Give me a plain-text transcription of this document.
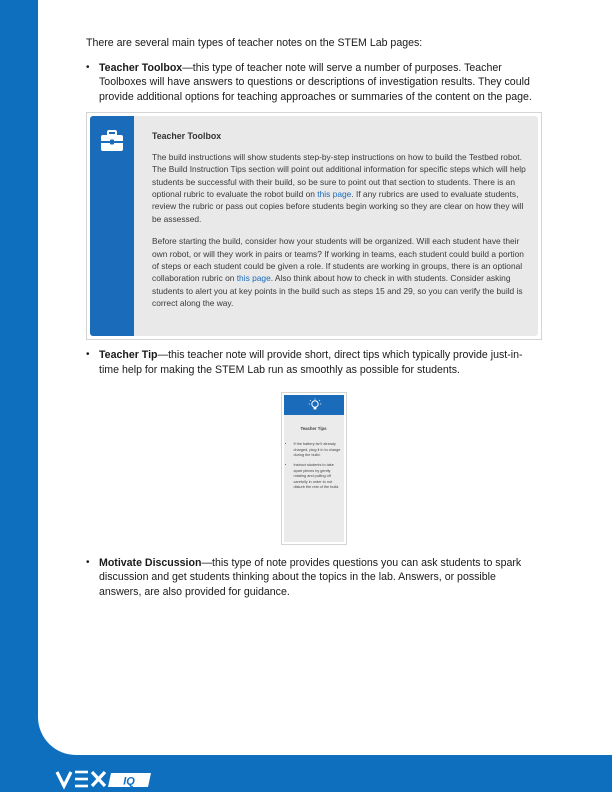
There are several main types of teacher notes on the STEM Lab pages:

• Teacher Toolbox—this type of teacher note will serve a number of purposes. Teacher Toolboxes will have answers to questions or descriptions of investigation results. They could provide additional options for teaching approaches or summaries of the content on the page.
Teacher Toolbox

The build instructions will show students step-by-step instructions on how to build the Testbed robot. The Build Instruction Tips section will point out additional information for specific steps which will help students be successful with their build, so be sure to point out that section to students. There is an optional rubric to evaluate the robot build on this page. If any rubrics are used to evaluate students, review the rubric or pass out copies before students begin working so they are clear on how they will be assessed.

Before starting the build, consider how your students will be organized. Will each student have their own robot, or will they work in pairs or teams? If working in teams, each student could build a portion of steps or each student could be given a role. If students are working in groups, there is an optional collaboration rubric on this page. Also think about how to check in with students. Consider asking students to alert you at key points in the build such as steps 15 and 29, so you can verify the build is correct along the way.

• Teacher Tip—this teacher note will provide short, direct tips which typically provide just-in-time help for making the STEM Lab run as smoothly as possible for students.
Teacher Tips
• If the battery isn't already charged, plug it in to charge during the build.
• Instruct students to take apart pieces by gently rotating and pulling off carefully in order to not disturb the rest of the build.
• Motivate Discussion—this type of note provides questions you can ask students to spark discussion and get students thinking about the topics in the lab. Answers, or possible answers, are also provided for guidance.
IQ
